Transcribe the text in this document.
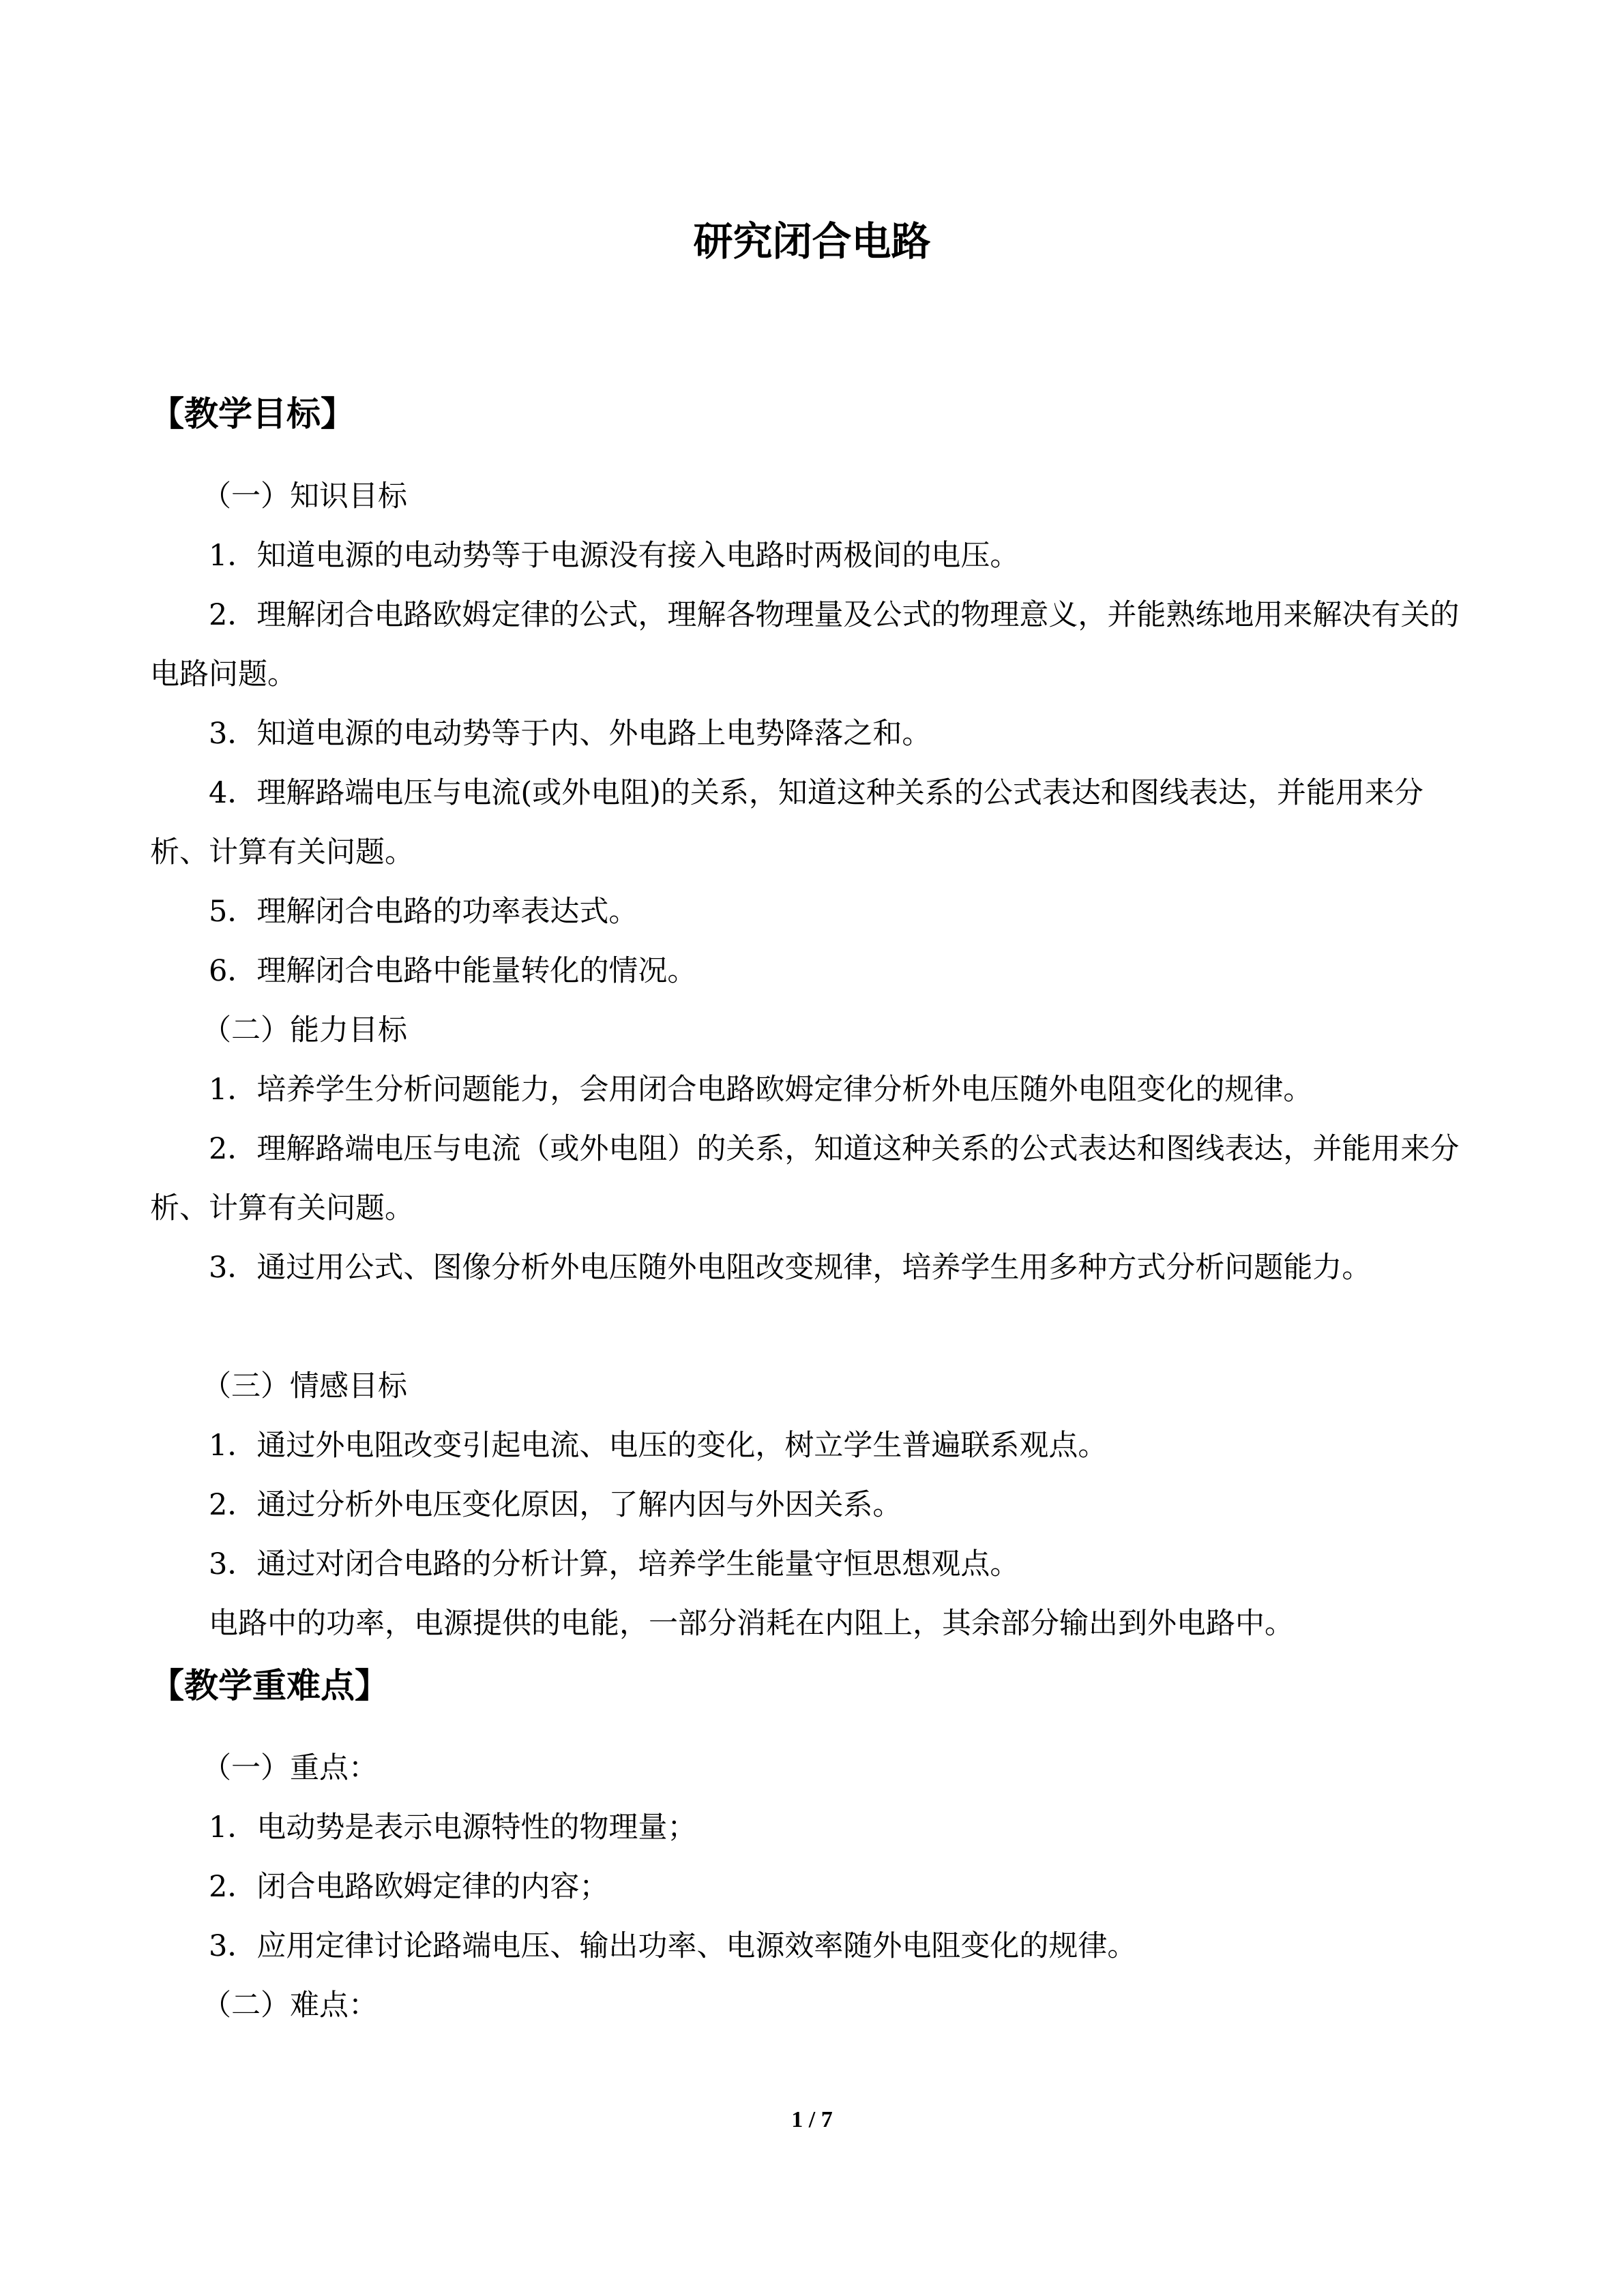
研究闭合电路
【教学目标】
（一）知识目标
1．知道电源的电动势等于电源没有接入电路时两极间的电压。
2．理解闭合电路欧姆定律的公式，理解各物理量及公式的物理意义，并能熟练地用来解决有关的电路问题。
3．知道电源的电动势等于内、外电路上电势降落之和。
4．理解路端电压与电流(或外电阻)的关系，知道这种关系的公式表达和图线表达，并能用来分析、计算有关问题。
5．理解闭合电路的功率表达式。
6．理解闭合电路中能量转化的情况。
（二）能力目标
1．培养学生分析问题能力，会用闭合电路欧姆定律分析外电压随外电阻变化的规律。
2．理解路端电压与电流（或外电阻）的关系，知道这种关系的公式表达和图线表达，并能用来分析、计算有关问题。
3．通过用公式、图像分析外电压随外电阻改变规律，培养学生用多种方式分析问题能力。
（三）情感目标
1．通过外电阻改变引起电流、电压的变化，树立学生普遍联系观点。
2．通过分析外电压变化原因，了解内因与外因关系。
3．通过对闭合电路的分析计算，培养学生能量守恒思想观点。
电路中的功率，电源提供的电能，一部分消耗在内阻上，其余部分输出到外电路中。
【教学重难点】
（一）重点：
1．电动势是表示电源特性的物理量；
2．闭合电路欧姆定律的内容；
3．应用定律讨论路端电压、输出功率、电源效率随外电阻变化的规律。
（二）难点：
1 / 7
